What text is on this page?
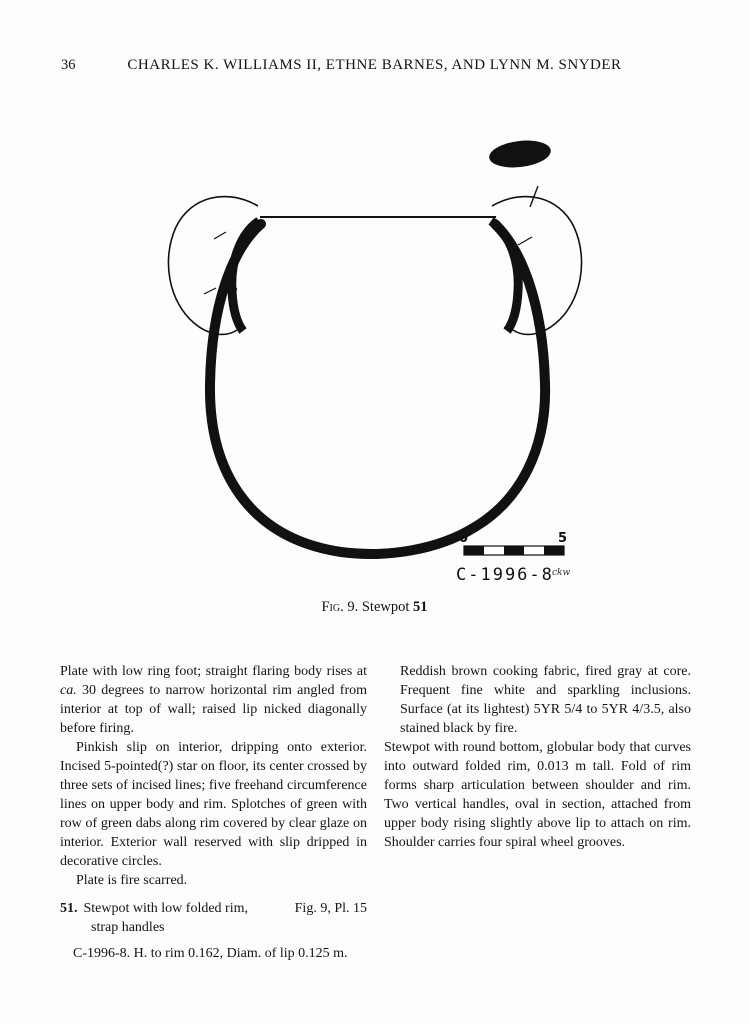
36	CHARLES K. WILLIAMS II, ETHNE BARNES, AND LYNN M. SNYDER
0	5
C-1996-8
ckw
Fig. 9. Stewpot 51

Plate with low ring foot; straight flaring body rises at ca. 30 degrees to narrow horizontal rim angled from interior at top of wall; raised lip nicked diagonally before firing.

Pinkish slip on interior, dripping onto exterior. Incised 5-pointed(?) star on floor, its center crossed by three sets of incised lines; five freehand circumference lines on upper body and rim. Splotches of green with row of green dabs along rim covered by clear glaze on interior. Exterior wall reserved with slip dripped in decorative circles.

Plate is fire scarred.

51. Stewpot with low folded rim,	Fig. 9, Pl. 15
strap handles
C-1996-8. H. to rim 0.162, Diam. of lip 0.125 m.

Reddish brown cooking fabric, fired gray at core. Frequent fine white and sparkling inclusions. Surface (at its lightest) 5YR 5/4 to 5YR 4/3.5, also stained black by fire.

Stewpot with round bottom, globular body that curves into outward folded rim, 0.013 m tall. Fold of rim forms sharp articulation between shoulder and rim. Two vertical handles, oval in section, attached from upper body rising slightly above lip to attach on rim. Shoulder carries four spiral wheel grooves.
